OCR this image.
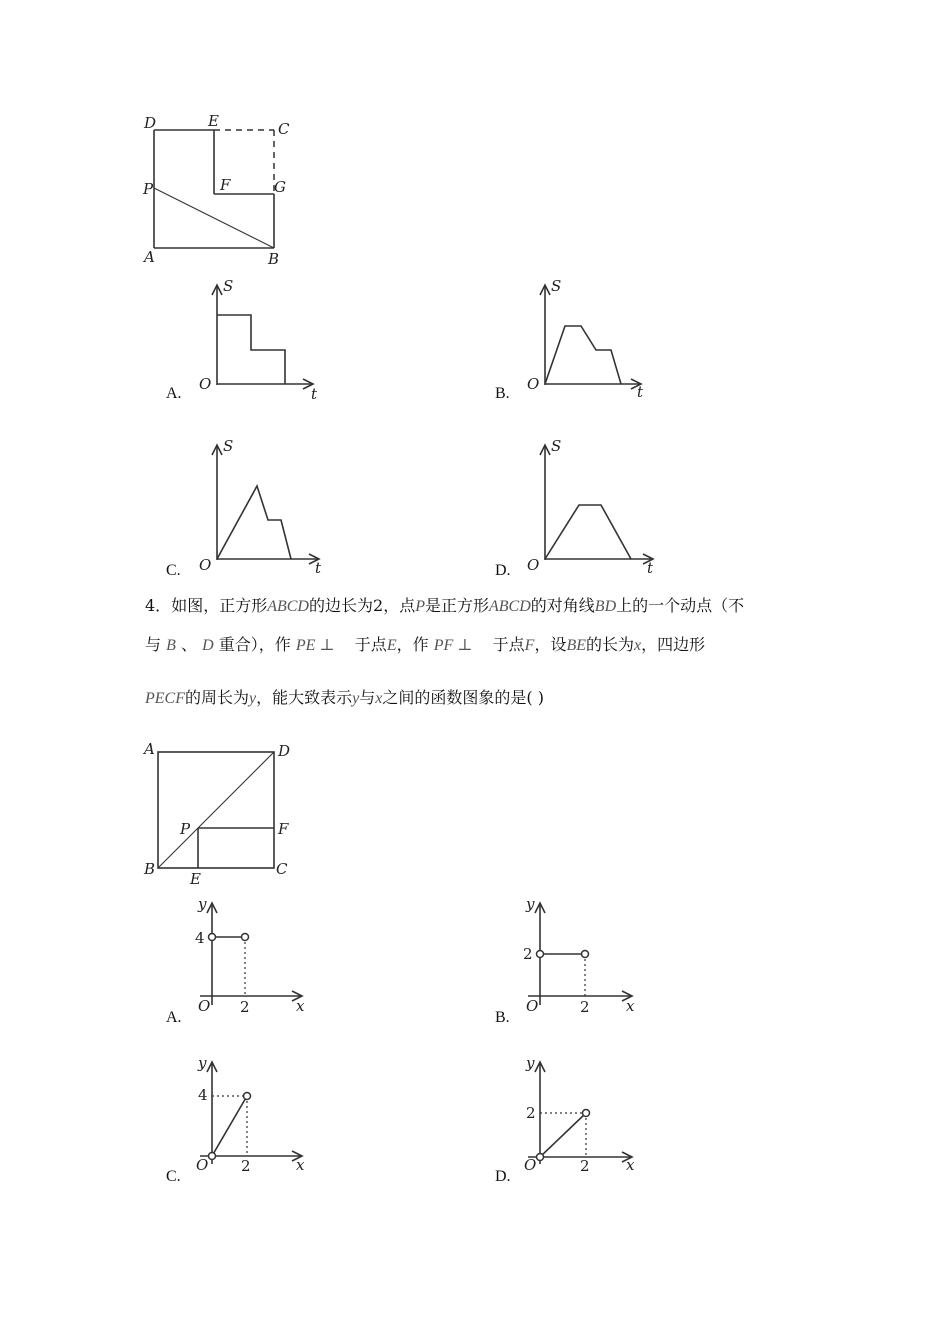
D	E	C
F	G
P
A	B
A.
S
t
O
B.
S
t
O
C.
S
t
O	D.
S
t
O
4．如图，正方形ABCD的边长为2，点P是正方形ABCD的对角线BD上的一个动点（不
与 B 、 D 重合），作 PE ⊥ 于点E，作 PF ⊥ 于点F，设BE的长为x，四边形
PECF的周长为y，能大致表示y与x之间的函数图象的是( )
A	D
P	F
B
E
C
A.
y
x
O
4
2
B.
y
x
O
2
2
C.
y
x
O
4
2
D.
y
x
O
2
2
